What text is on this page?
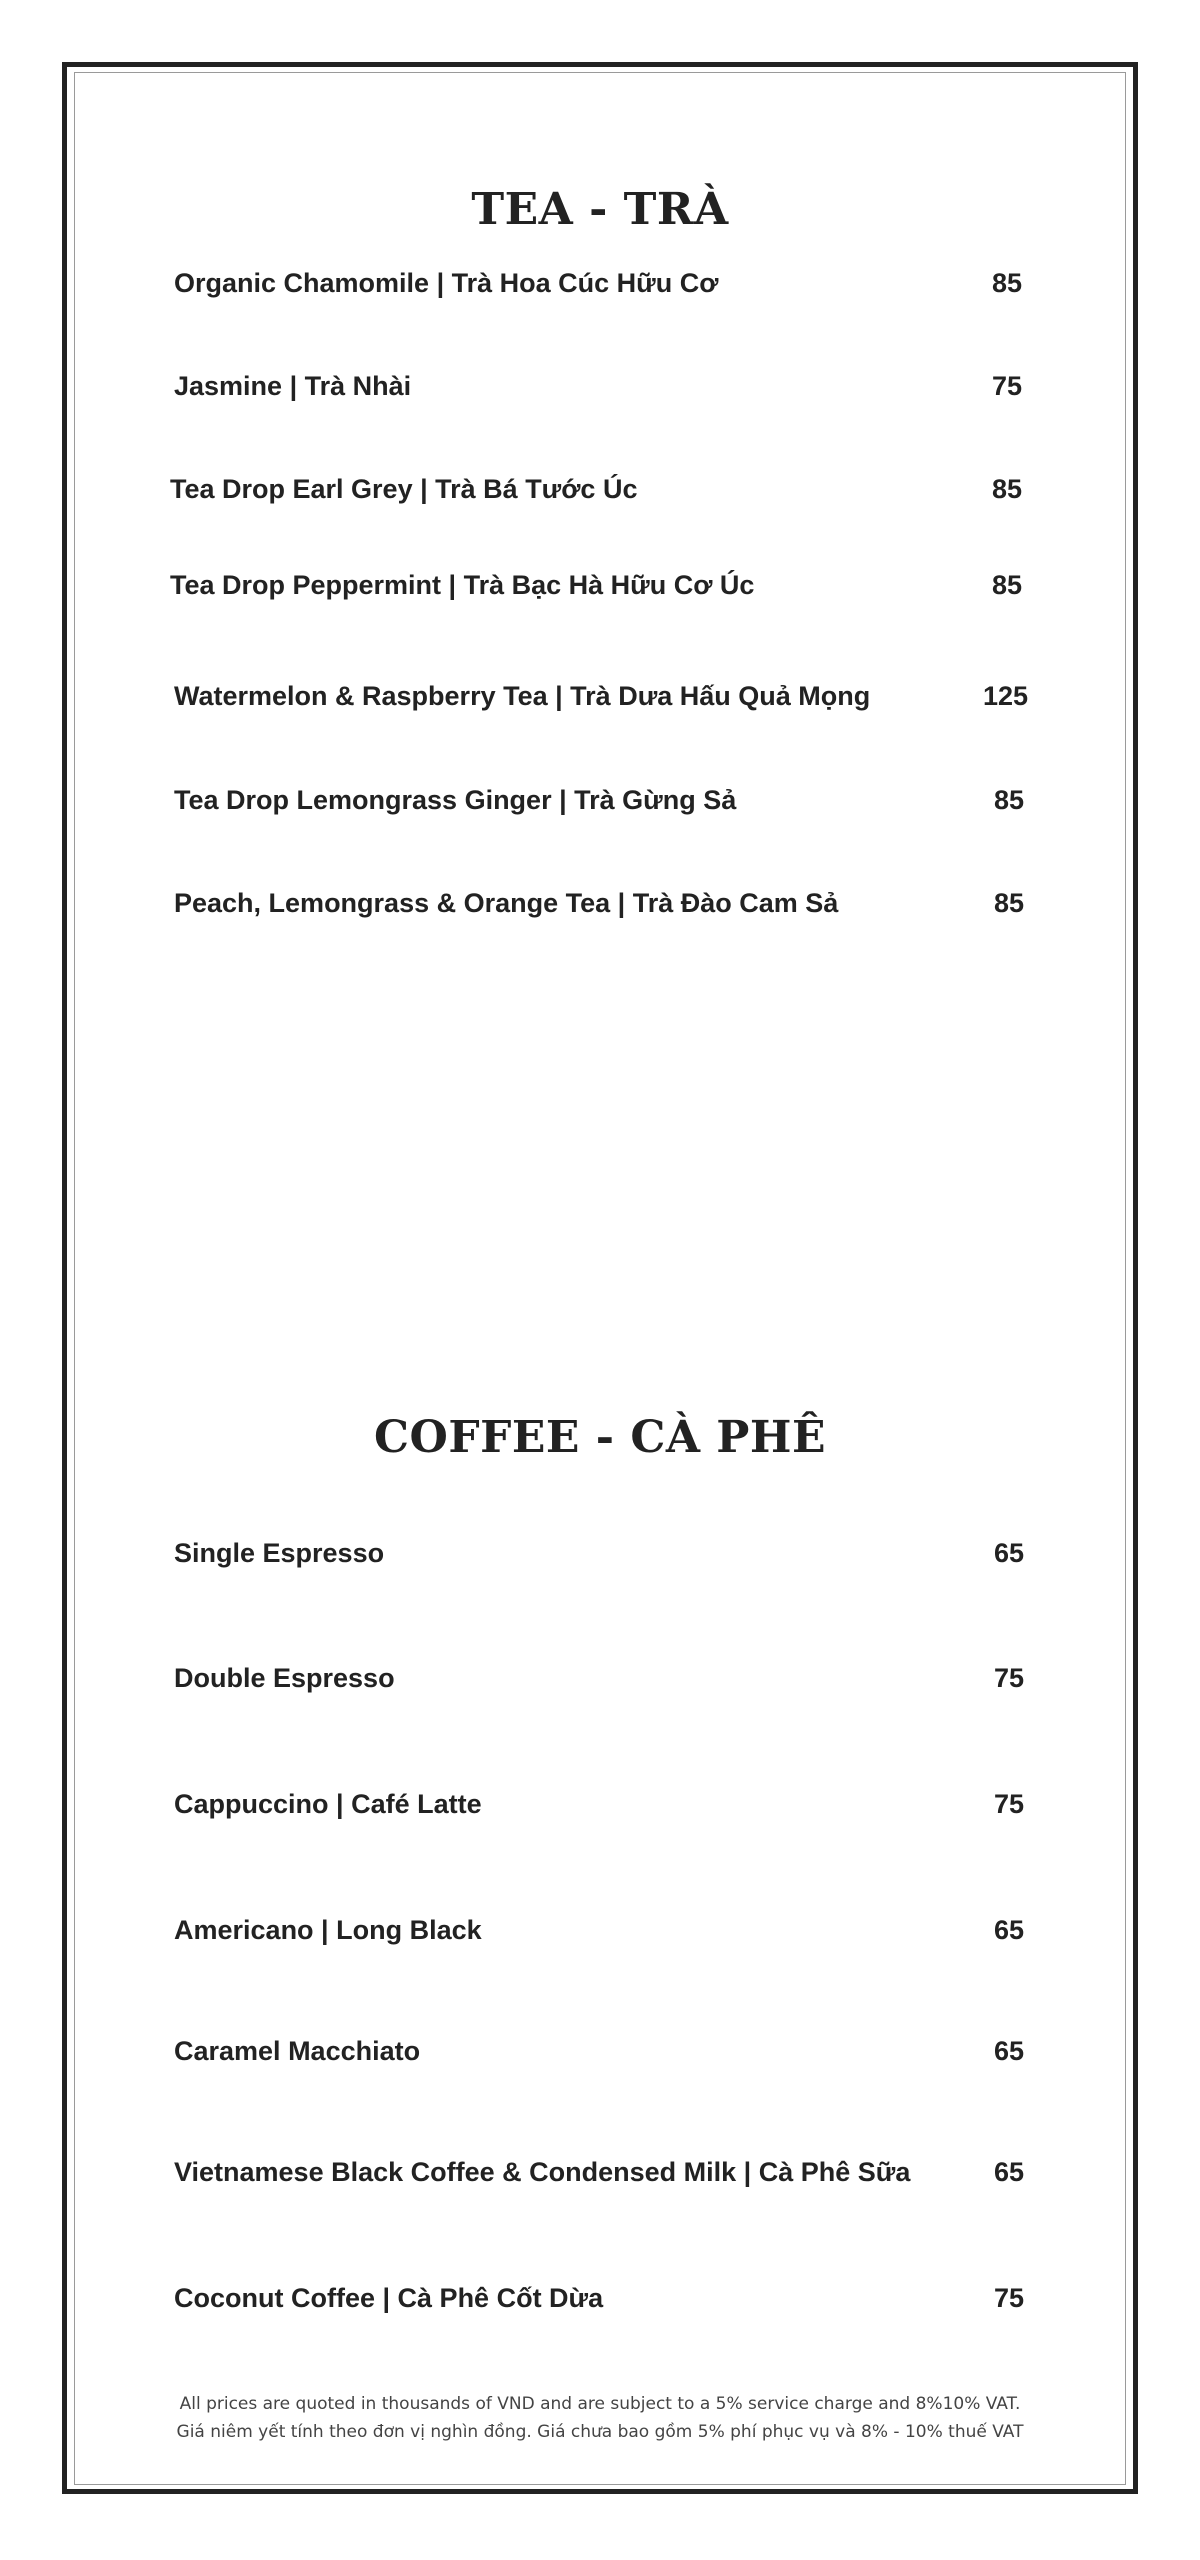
TEA - TRÀ
Organic Chamomile | Trà Hoa Cúc Hữu Cơ	85
Jasmine | Trà Nhài	75
Tea Drop Earl Grey | Trà Bá Tước Úc	85
Tea Drop Peppermint | Trà Bạc Hà Hữu Cơ Úc	85
Watermelon & Raspberry Tea | Trà Dưa Hấu Quả Mọng	125
Tea Drop Lemongrass Ginger | Trà Gừng Sả	85
Peach, Lemongrass & Orange Tea | Trà Đào Cam Sả	85
COFFEE - CÀ PHÊ
Single Espresso	65
Double Espresso	75
Cappuccino | Café Latte	75
Americano | Long Black	65
Caramel Macchiato	65
Vietnamese Black Coffee & Condensed Milk | Cà Phê Sữa	65
Coconut Coffee | Cà Phê Cốt Dừa	75

All prices are quoted in thousands of VND and are subject to a 5% service charge and 8%10% VAT.

Giá niêm yết tính theo đơn vị nghìn đồng. Giá chưa bao gồm 5% phí phục vụ và 8% - 10% thuế VAT
